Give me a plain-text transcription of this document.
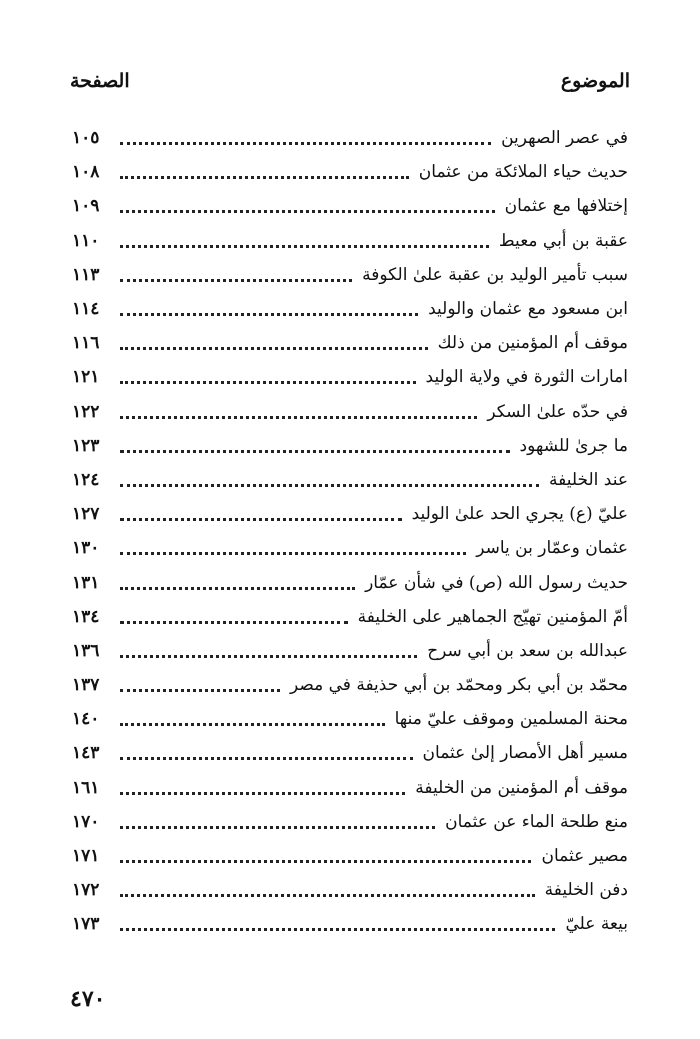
الموضوع
الصفحة
في عصر الصهرين
١٠٥
حديث حياء الملائكة من عثمان
١٠٨
إختلافها مع عثمان
١٠٩
عقبة بن أبي معيط
١١٠
سبب تأمير الوليد بن عقبة علىٰ الكوفة
١١٣
ابن مسعود مع عثمان والوليد
١١٤
موقف أم المؤمنين من ذلك
١١٦
امارات الثورة في ولاية الوليد
١٢١
في حدّه علىٰ السكر
١٢٢
ما جرىٰ للشهود
١٢٣
عند الخليفة
١٢٤
عليّ (ع) يجري الحد علىٰ الوليد
١٢٧
عثمان وعمّار بن ياسر
١٣٠
حديث رسول الله (ص) في شأن عمّار
١٣١
أمّ المؤمنين تهيّج الجماهير على الخليفة
١٣٤
عبدالله بن سعد بن أبي سرح
١٣٦
محمّد بن أبي بكر ومحمّد بن أبي حذيفة في مصر
١٣٧
محنة المسلمين وموقف عليّ منها
١٤٠
مسير أهل الأمصار إلىٰ عثمان
١٤٣
موقف أم المؤمنين من الخليفة
١٦١
منع طلحة الماء عن عثمان
١٧٠
مصير عثمان
١٧١
دفن الخليفة
١٧٢
بيعة عليّ
١٧٣
٤٧٠
